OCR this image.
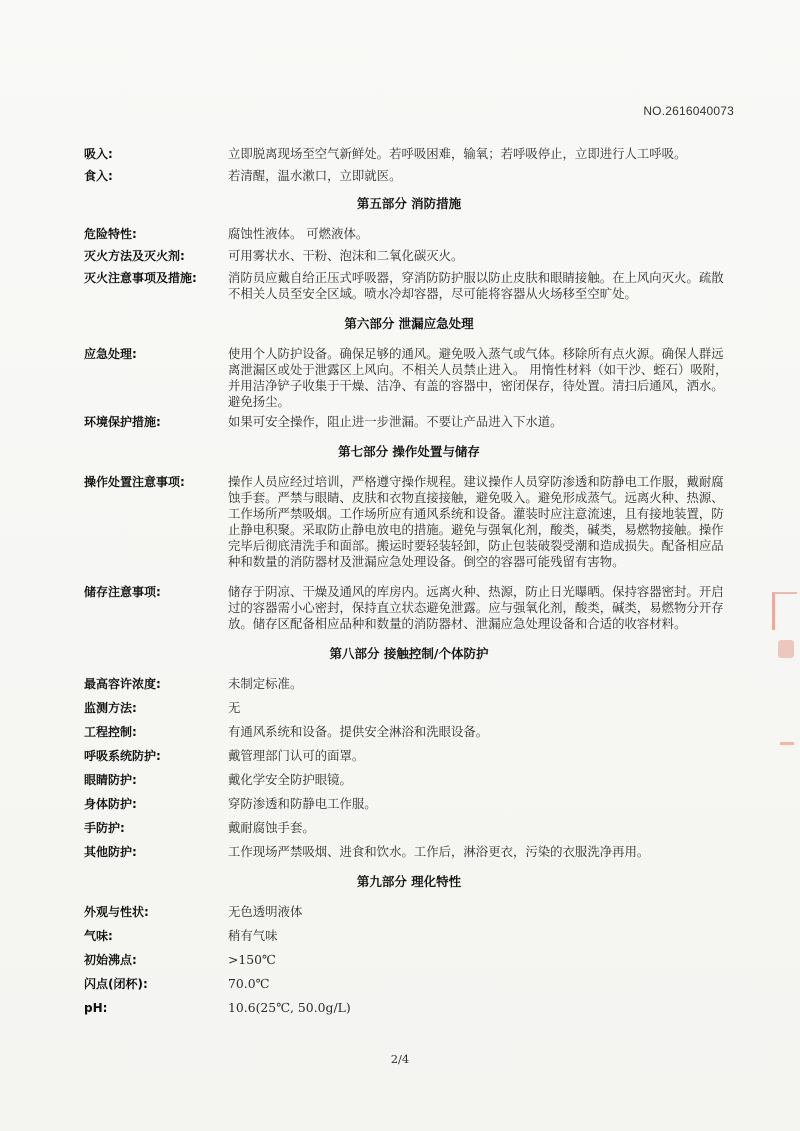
NO.2616040073
吸入:	立即脱离现场至空气新鲜处。若呼吸困难，输氧；若呼吸停止，立即进行人工呼吸。
食入:	若清醒，温水漱口，立即就医。
第五部分 消防措施
危险特性:	腐蚀性液体。 可燃液体。
灭火方法及灭火剂:	可用雾状水、干粉、泡沫和二氧化碳灭火。
灭火注意事项及措施:	消防员应戴自给正压式呼吸器，穿消防防护服以防止皮肤和眼睛接触。在上风向灭火。疏散不相关人员至安全区域。喷水冷却容器，尽可能将容器从火场移至空旷处。
第六部分 泄漏应急处理
应急处理:	使用个人防护设备。确保足够的通风。避免吸入蒸气或气体。移除所有点火源。确保人群远离泄漏区或处于泄露区上风向。不相关人员禁止进入。 用惰性材料（如干沙、蛭石）吸附，并用洁净铲子收集于干燥、洁净、有盖的容器中，密闭保存，待处置。清扫后通风，洒水。避免扬尘。
环境保护措施:	如果可安全操作，阻止进一步泄漏。不要让产品进入下水道。
第七部分 操作处置与储存
操作处置注意事项:	操作人员应经过培训，严格遵守操作规程。建议操作人员穿防渗透和防静电工作服，戴耐腐蚀手套。严禁与眼睛、皮肤和衣物直接接触，避免吸入。避免形成蒸气。远离火种、热源、工作场所严禁吸烟。工作场所应有通风系统和设备。灌装时应注意流速，且有接地装置，防止静电积聚。采取防止静电放电的措施。避免与强氧化剂，酸类，碱类，易燃物接触。操作完毕后彻底清洗手和面部。搬运时要轻装轻卸，防止包装破裂受潮和造成损失。配备相应品种和数量的消防器材及泄漏应急处理设备。倒空的容器可能残留有害物。
储存注意事项:	储存于阴凉、干燥及通风的库房内。远离火种、热源，防止日光曝晒。保持容器密封。开启过的容器需小心密封，保持直立状态避免泄露。应与强氧化剂，酸类，碱类，易燃物分开存放。储存区配备相应品种和数量的消防器材、泄漏应急处理设备和合适的收容材料。
第八部分 接触控制/个体防护
最高容许浓度:	未制定标准。
监测方法:	无
工程控制:	有通风系统和设备。提供安全淋浴和洗眼设备。
呼吸系统防护:	戴管理部门认可的面罩。
眼睛防护:	戴化学安全防护眼镜。
身体防护:	穿防渗透和防静电工作服。
手防护:	戴耐腐蚀手套。
其他防护:	工作现场严禁吸烟、进食和饮水。工作后，淋浴更衣，污染的衣服洗净再用。
第九部分 理化特性
外观与性状:	无色透明液体
气味:	稍有气味
初始沸点:	>150℃
闪点(闭杯):	70.0℃
pH:	10.6(25℃, 50.0g/L)
2/4
